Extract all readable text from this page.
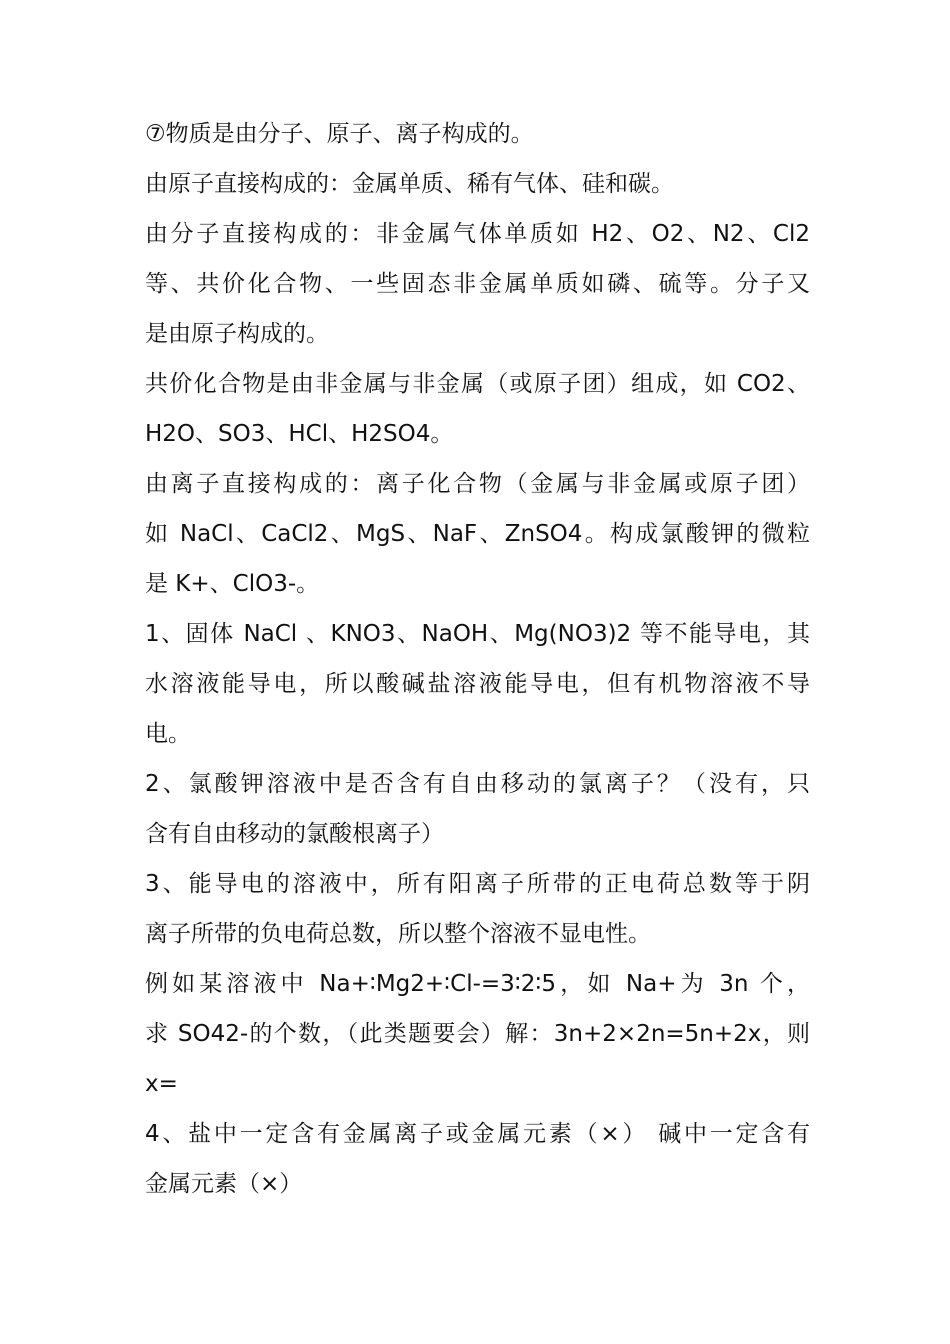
⑦物质是由分子、原子、离子构成的。
由原子直接构成的：金属单质、稀有气体、硅和碳。
由分子直接构成的：非金属气体单质如 H2、O2、N2、Cl2
等、共价化合物、一些固态非金属单质如磷、硫等。分子又
是由原子构成的。
共价化合物是由非金属与非金属（或原子团）组成，如 CO2、
H2O、SO3、HCl、H2SO4。
由离子直接构成的：离子化合物（金属与非金属或原子团）
如 NaCl、CaCl2、MgS、NaF、ZnSO4。构成氯酸钾的微粒
是 K+、ClO3-。
1、固体 NaCl 、KNO3、NaOH、Mg(NO3)2 等不能导电，其
水溶液能导电，所以酸碱盐溶液能导电，但有机物溶液不导
电。
2、氯酸钾溶液中是否含有自由移动的氯离子？（没有，只
含有自由移动的氯酸根离子）
3、能导电的溶液中，所有阳离子所带的正电荷总数等于阴
离子所带的负电荷总数，所以整个溶液不显电性。
例如某溶液中 Na+∶Mg2+∶Cl-=3∶2∶5，如 Na+为 3n 个，
求 SO42-的个数，（此类题要会）解：3n+2×2n=5n+2x，则
x=
4、盐中一定含有金属离子或金属元素（×） 碱中一定含有
金属元素（×）
